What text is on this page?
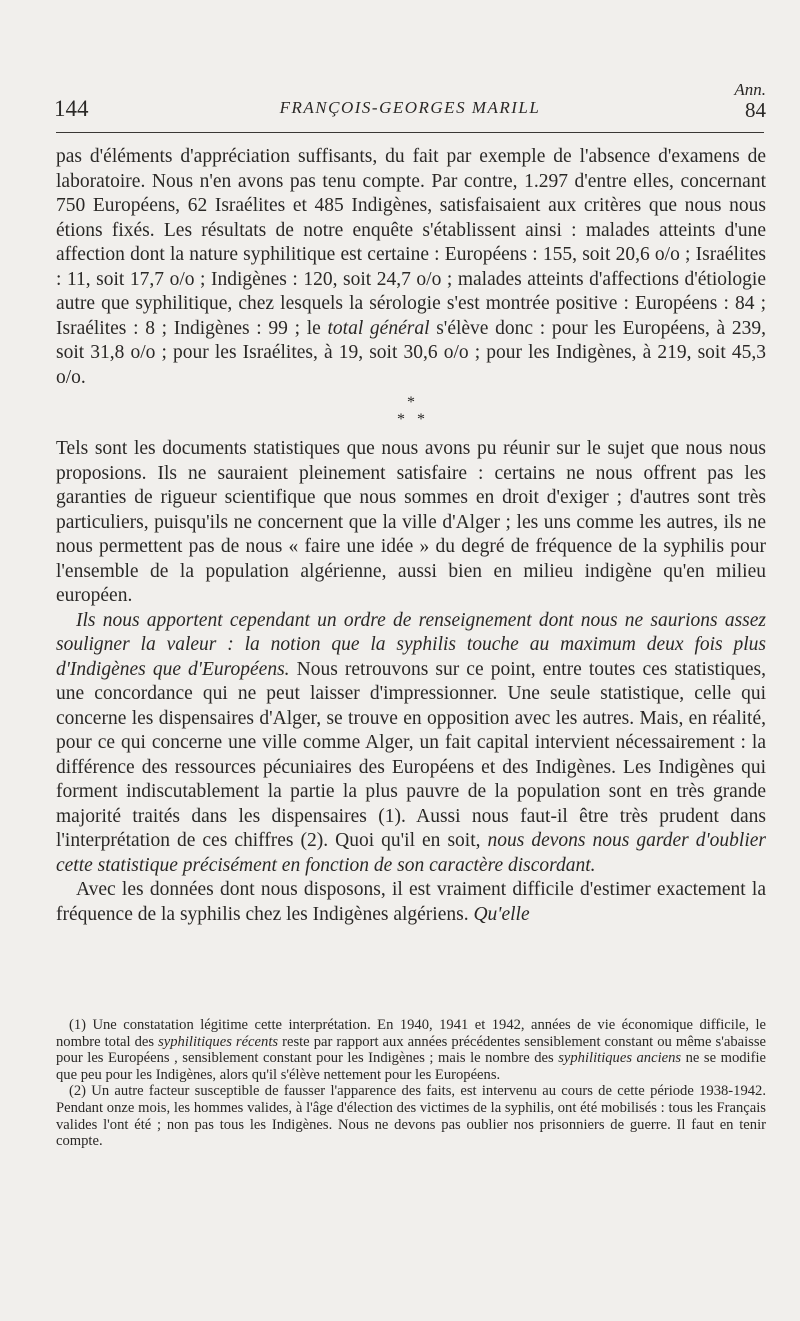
144	FRANÇOIS-GEORGES MARILL
Ann.
84

pas d'éléments d'appréciation suffisants, du fait par exemple de l'absence d'examens de laboratoire. Nous n'en avons pas tenu compte. Par contre, 1.297 d'entre elles, concernant 750 Européens, 62 Israélites et 485 Indigènes, satisfaisaient aux critères que nous nous étions fixés. Les résultats de notre enquête s'établissent ainsi : malades atteints d'une affection dont la nature syphilitique est certaine : Européens : 155, soit 20,6 o/o ; Israélites : 11, soit 17,7 o/o ; Indigènes : 120, soit 24,7 o/o ; malades atteints d'affections d'étiologie autre que syphilitique, chez lesquels la sérologie s'est montrée positive : Européens : 84 ; Israélites : 8 ; Indigènes : 99 ; le total général s'élève donc : pour les Européens, à 239, soit 31,8 o/o ; pour les Israélites, à 19, soit 30,6 o/o ; pour les Indigènes, à 219, soit 45,3 o/o.

*
*   *

Tels sont les documents statistiques que nous avons pu réunir sur le sujet que nous nous proposions. Ils ne sauraient pleinement satisfaire : certains ne nous offrent pas les garanties de rigueur scientifique que nous sommes en droit d'exiger ; d'autres sont très particuliers, puisqu'ils ne concernent que la ville d'Alger ; les uns comme les autres, ils ne nous permettent pas de nous « faire une idée » du degré de fréquence de la syphilis pour l'ensemble de la population algérienne, aussi bien en milieu indigène qu'en milieu européen.

Ils nous apportent cependant un ordre de renseignement dont nous ne saurions assez souligner la valeur : la notion que la syphilis touche au maximum deux fois plus d'Indigènes que d'Européens. Nous retrouvons sur ce point, entre toutes ces statistiques, une concordance qui ne peut laisser d'impressionner. Une seule statistique, celle qui concerne les dispensaires d'Alger, se trouve en opposition avec les autres. Mais, en réalité, pour ce qui concerne une ville comme Alger, un fait capital intervient nécessairement : la différence des ressources pécuniaires des Européens et des Indigènes. Les Indigènes qui forment indiscutablement la partie la plus pauvre de la population sont en très grande majorité traités dans les dispensaires (1). Aussi nous faut-il être très prudent dans l'interprétation de ces chiffres (2). Quoi qu'il en soit, nous devons nous garder d'oublier cette statistique précisément en fonction de son caractère discordant.

Avec les données dont nous disposons, il est vraiment difficile d'estimer exactement la fréquence de la syphilis chez les Indigènes algériens. Qu'elle

(1) Une constatation légitime cette interprétation. En 1940, 1941 et 1942, années de vie économique difficile, le nombre total des syphilitiques récents reste par rapport aux années précédentes sensiblement constant ou même s'abaisse pour les Européens , sensiblement constant pour les Indigènes ; mais le nombre des syphilitiques anciens ne se modifie que peu pour les Indigènes, alors qu'il s'élève nettement pour les Européens.

(2) Un autre facteur susceptible de fausser l'apparence des faits, est intervenu au cours de cette période 1938-1942. Pendant onze mois, les hommes valides, à l'âge d'élection des victimes de la syphilis, ont été mobilisés : tous les Français valides l'ont été ; non pas tous les Indigènes. Nous ne devons pas oublier nos prisonniers de guerre. Il faut en tenir compte.
